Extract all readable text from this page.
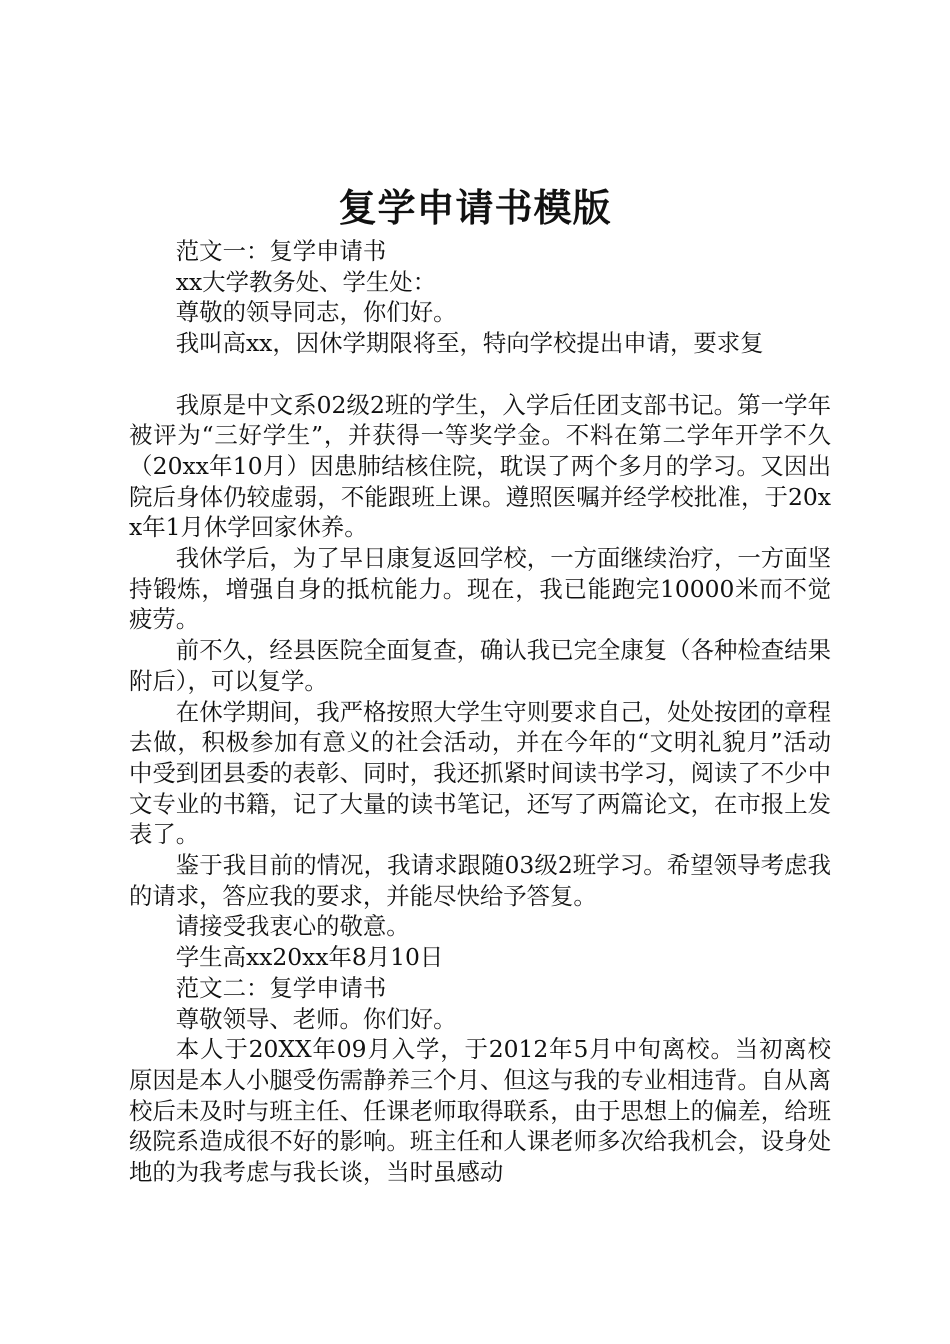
复学申请书模版

范文一：复学申请书

xx大学教务处、学生处：

尊敬的领导同志，你们好。

我叫高xx，因休学期限将至，特向学校提出申请，要求复

我原是中文系02级2班的学生，入学后任团支部书记。第一学年被评为“三好学生”，并获得一等奖学金。不料在第二学年开学不久（20xx年10月）因患肺结核住院，耽误了两个多月的学习。又因出院后身体仍较虚弱，不能跟班上课。遵照医嘱并经学校批准，于20xx年1月休学回家休养。

我休学后，为了早日康复返回学校，一方面继续治疗，一方面坚持锻炼，增强自身的抵杭能力。现在，我已能跑完10000米而不觉疲劳。

前不久，经县医院全面复查，确认我已完全康复（各种检查结果附后），可以复学。

在休学期间，我严格按照大学生守则要求自己，处处按团的章程去做，积极参加有意义的社会活动，并在今年的“文明礼貌月”活动中受到团县委的表彰、同时，我还抓紧时间读书学习，阅读了不少中文专业的书籍，记了大量的读书笔记，还写了两篇论文，在市报上发表了。

鉴于我目前的情况，我请求跟随03级2班学习。希望领导考虑我的请求，答应我的要求，并能尽快给予答复。

请接受我衷心的敬意。

学生高xx20xx年8月10日

范文二：复学申请书

尊敬领导、老师。你们好。

本人于20XX年09月入学，于2012年5月中旬离校。当初离校原因是本人小腿受伤需静养三个月、但这与我的专业相违背。自从离校后未及时与班主任、任课老师取得联系，由于思想上的偏差，给班级院系造成很不好的影响。班主任和人课老师多次给我机会，设身处地的为我考虑与我长谈，当时虽感动
